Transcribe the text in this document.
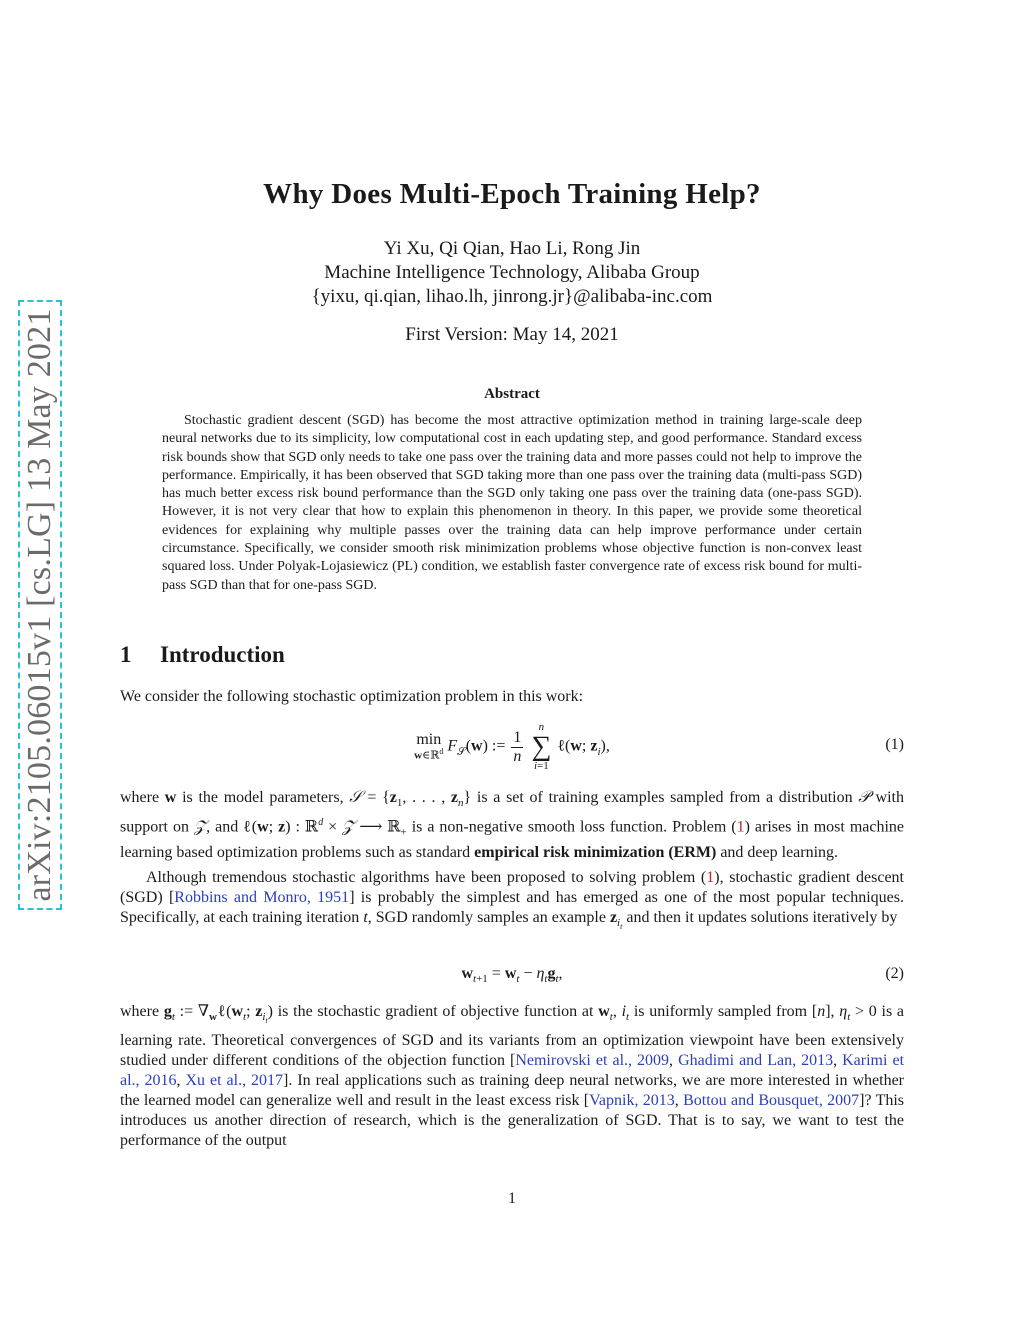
arXiv:2105.06015v1 [cs.LG] 13 May 2021
Why Does Multi-Epoch Training Help?
Yi Xu, Qi Qian, Hao Li, Rong Jin
Machine Intelligence Technology, Alibaba Group
{yixu, qi.qian, lihao.lh, jinrong.jr}@alibaba-inc.com
First Version: May 14, 2021
Abstract
Stochastic gradient descent (SGD) has become the most attractive optimization method in training large-scale deep neural networks due to its simplicity, low computational cost in each updating step, and good performance. Standard excess risk bounds show that SGD only needs to take one pass over the training data and more passes could not help to improve the performance. Empirically, it has been observed that SGD taking more than one pass over the training data (multi-pass SGD) has much better excess risk bound performance than the SGD only taking one pass over the training data (one-pass SGD). However, it is not very clear that how to explain this phenomenon in theory. In this paper, we provide some theoretical evidences for explaining why multiple passes over the training data can help improve performance under certain circumstance. Specifically, we consider smooth risk minimization problems whose objective function is non-convex least squared loss. Under Polyak-Lojasiewicz (PL) condition, we establish faster convergence rate of excess risk bound for multi-pass SGD than that for one-pass SGD.
1 Introduction
We consider the following stochastic optimization problem in this work:
min
w∈ℝ$^d$ $F_𝒮(w)$ := $\frac{1}{n}$

n
∑
i=1
ℓ(w; $z_i$),	(1)
where w is the model parameters, 𝒮 = {$z_1$, . . . , $z_n$} is a set of training examples sampled from a distribution 𝒫 with support on 𝒵, and ℓ(w; z) : ℝ$^d$ × 𝒵 ⟶ ℝ$_+$ is a non-negative smooth loss function. Problem (1) arises in most machine learning based optimization problems such as standard empirical risk minimization (ERM) and deep learning.
Although tremendous stochastic algorithms have been proposed to solving problem (1), stochastic gradient descent (SGD) [Robbins and Monro, 1951] is probably the simplest and has emerged as one of the most popular techniques. Specifically, at each training iteration t, SGD randomly samples an example $z_{i_t}$ and then it updates solutions iteratively by
$w_{t+1} = w_t - \eta_tg_t$,	(2)
where $g_t$ := $\nabla_w\ell(w_t$; $z_{i_t}$) is the stochastic gradient of objective function at $w_t$, $i_t$ is uniformly sampled from [n], $\eta_t > 0$ is a learning rate. Theoretical convergences of SGD and its variants from an optimization viewpoint have been extensively studied under different conditions of the objection function [Nemirovski et al., 2009, Ghadimi and Lan, 2013, Karimi et al., 2016, Xu et al., 2017]. In real applications such as training deep neural networks, we are more interested in whether the learned model can generalize well and result in the least excess risk [Vapnik, 2013, Bottou and Bousquet, 2007]? This introduces us another direction of research, which is the generalization of SGD. That is to say, we want to test the performance of the output
1
